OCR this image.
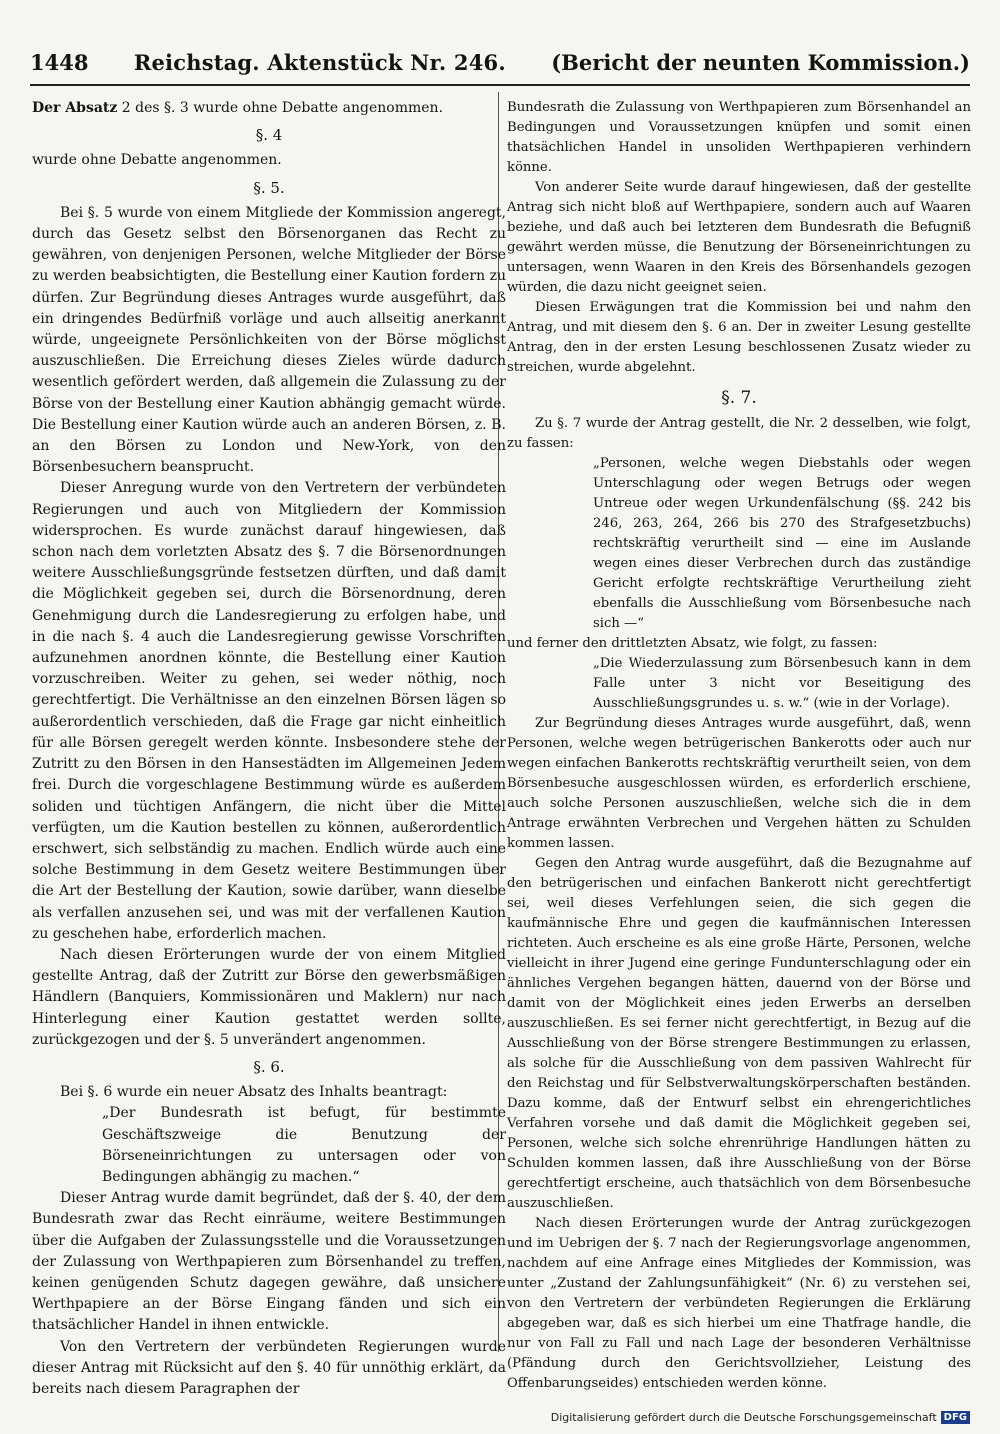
1448	Reichstag. Aktenstück Nr. 246.	(Bericht der neunten Kommission.)

Der Absatz 2 des §. 3 wurde ohne Debatte angenommen.

§. 4

wurde ohne Debatte angenommen.

§. 5.

Bei §. 5 wurde von einem Mitgliede der Kommission angeregt, durch das Gesetz selbst den Börsenorganen das Recht zu gewähren, von denjenigen Personen, welche Mitglieder der Börse zu werden beabsichtigten, die Bestellung einer Kaution fordern zu dürfen. Zur Begründung dieses Antrages wurde ausgeführt, daß ein dringendes Bedürfniß vorläge und auch allseitig anerkannt würde, ungeeignete Persönlichkeiten von der Börse möglichst auszuschließen. Die Erreichung dieses Zieles würde dadurch wesentlich gefördert werden, daß allgemein die Zulassung zu der Börse von der Bestellung einer Kaution abhängig gemacht würde. Die Bestellung einer Kaution würde auch an anderen Börsen, z. B. an den Börsen zu London und New-York, von den Börsenbesuchern beansprucht.

Dieser Anregung wurde von den Vertretern der verbündeten Regierungen und auch von Mitgliedern der Kommission widersprochen. Es wurde zunächst darauf hingewiesen, daß schon nach dem vorletzten Absatz des §. 7 die Börsenordnungen weitere Ausschließungsgründe festsetzen dürften, und daß damit die Möglichkeit gegeben sei, durch die Börsenordnung, deren Genehmigung durch die Landesregierung zu erfolgen habe, und in die nach §. 4 auch die Landesregierung gewisse Vorschriften aufzunehmen anordnen könnte, die Bestellung einer Kaution vorzuschreiben. Weiter zu gehen, sei weder nöthig, noch gerechtfertigt. Die Verhältnisse an den einzelnen Börsen lägen so außerordentlich verschieden, daß die Frage gar nicht einheitlich für alle Börsen geregelt werden könnte. Insbesondere stehe der Zutritt zu den Börsen in den Hansestädten im Allgemeinen Jedem frei. Durch die vorgeschlagene Bestimmung würde es außerdem soliden und tüchtigen Anfängern, die nicht über die Mittel verfügten, um die Kaution bestellen zu können, außerordentlich erschwert, sich selbständig zu machen. Endlich würde auch eine solche Bestimmung in dem Gesetz weitere Bestimmungen über die Art der Bestellung der Kaution, sowie darüber, wann dieselbe als verfallen anzusehen sei, und was mit der verfallenen Kaution zu geschehen habe, erforderlich machen.

Nach diesen Erörterungen wurde der von einem Mitglied gestellte Antrag, daß der Zutritt zur Börse den gewerbsmäßigen Händlern (Banquiers, Kommissionären und Maklern) nur nach Hinterlegung einer Kaution gestattet werden sollte, zurückgezogen und der §. 5 unverändert angenommen.

§. 6.

Bei §. 6 wurde ein neuer Absatz des Inhalts beantragt:

„Der Bundesrath ist befugt, für bestimmte Geschäftszweige die Benutzung der Börseneinrichtungen zu untersagen oder von Bedingungen abhängig zu machen.“

Dieser Antrag wurde damit begründet, daß der §. 40, der dem Bundesrath zwar das Recht einräume, weitere Bestimmungen über die Aufgaben der Zulassungsstelle und die Voraussetzungen der Zulassung von Werthpapieren zum Börsenhandel zu treffen, keinen genügenden Schutz dagegen gewähre, daß unsichere Werthpapiere an der Börse Eingang fänden und sich ein thatsächlicher Handel in ihnen entwickle.

Von den Vertretern der verbündeten Regierungen wurde dieser Antrag mit Rücksicht auf den §. 40 für unnöthig erklärt, da bereits nach diesem Paragraphen der

Bundesrath die Zulassung von Werthpapieren zum Börsenhandel an Bedingungen und Voraussetzungen knüpfen und somit einen thatsächlichen Handel in unsoliden Werthpapieren verhindern könne.

Von anderer Seite wurde darauf hingewiesen, daß der gestellte Antrag sich nicht bloß auf Werthpapiere, sondern auch auf Waaren beziehe, und daß auch bei letzteren dem Bundesrath die Befugniß gewährt werden müsse, die Benutzung der Börseneinrichtungen zu untersagen, wenn Waaren in den Kreis des Börsenhandels gezogen würden, die dazu nicht geeignet seien.

Diesen Erwägungen trat die Kommission bei und nahm den Antrag, und mit diesem den §. 6 an. Der in zweiter Lesung gestellte Antrag, den in der ersten Lesung beschlossenen Zusatz wieder zu streichen, wurde abgelehnt.

§. 7.

Zu §. 7 wurde der Antrag gestellt, die Nr. 2 desselben, wie folgt, zu fassen:

„Personen, welche wegen Diebstahls oder wegen Unterschlagung oder wegen Betrugs oder wegen Untreue oder wegen Urkundenfälschung (§§. 242 bis 246, 263, 264, 266 bis 270 des Strafgesetzbuchs) rechtskräftig verurtheilt sind — eine im Auslande wegen eines dieser Verbrechen durch das zuständige Gericht erfolgte rechtskräftige Verurtheilung zieht ebenfalls die Ausschließung vom Börsenbesuche nach sich —“

und ferner den drittletzten Absatz, wie folgt, zu fassen:

„Die Wiederzulassung zum Börsenbesuch kann in dem Falle unter 3 nicht vor Beseitigung des Ausschließungsgrundes u. s. w.“ (wie in der Vorlage).

Zur Begründung dieses Antrages wurde ausgeführt, daß, wenn Personen, welche wegen betrügerischen Bankerotts oder auch nur wegen einfachen Bankerotts rechtskräftig verurtheilt seien, von dem Börsenbesuche ausgeschlossen würden, es erforderlich erschiene, auch solche Personen auszuschließen, welche sich die in dem Antrage erwähnten Verbrechen und Vergehen hätten zu Schulden kommen lassen.

Gegen den Antrag wurde ausgeführt, daß die Bezugnahme auf den betrügerischen und einfachen Bankerott nicht gerechtfertigt sei, weil dieses Verfehlungen seien, die sich gegen die kaufmännische Ehre und gegen die kaufmännischen Interessen richteten. Auch erscheine es als eine große Härte, Personen, welche vielleicht in ihrer Jugend eine geringe Fundunterschlagung oder ein ähnliches Vergehen begangen hätten, dauernd von der Börse und damit von der Möglichkeit eines jeden Erwerbs an derselben auszuschließen. Es sei ferner nicht gerechtfertigt, in Bezug auf die Ausschließung von der Börse strengere Bestimmungen zu erlassen, als solche für die Ausschließung von dem passiven Wahlrecht für den Reichstag und für Selbstverwaltungskörperschaften beständen. Dazu komme, daß der Entwurf selbst ein ehrengerichtliches Verfahren vorsehe und daß damit die Möglichkeit gegeben sei, Personen, welche sich solche ehrenrührige Handlungen hätten zu Schulden kommen lassen, daß ihre Ausschließung von der Börse gerechtfertigt erscheine, auch thatsächlich von dem Börsenbesuche auszuschließen.

Nach diesen Erörterungen wurde der Antrag zurückgezogen und im Uebrigen der §. 7 nach der Regierungsvorlage angenommen, nachdem auf eine Anfrage eines Mitgliedes der Kommission, was unter „Zustand der Zahlungsunfähigkeit“ (Nr. 6) zu verstehen sei, von den Vertretern der verbündeten Regierungen die Erklärung abgegeben war, daß es sich hierbei um eine Thatfrage handle, die nur von Fall zu Fall und nach Lage der besonderen Verhältnisse (Pfändung durch den Gerichtsvollzieher, Leistung des Offenbarungseides) entschieden werden könne.

Digitalisierung gefördert durch die Deutsche Forschungsgemeinschaft DFG
